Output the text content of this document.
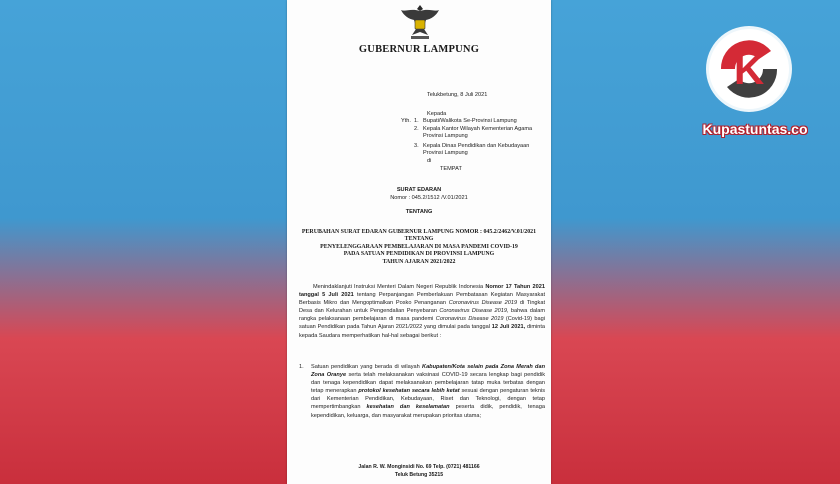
GUBERNUR LAMPUNG
Telukbetung, 8 Juli 2021
Kepada
Yth. 1. Bupati/Walikota Se-Provinsi Lampung
2. Kepala Kantor Wilayah Kementerian Agama Provinsi Lampung
3. Kepala Dinas Pendidikan dan Kebudayaan Provinsi Lampung
di
TEMPAT
SURAT EDARAN
Nomor : 045.2/1512 /V.01/2021
TENTANG
PERUBAHAN SURAT EDARAN GUBERNUR LAMPUNG NOMOR : 045.2/2462/V.01/2021
TENTANG
PENYELENGGARAAN PEMBELAJARAN DI MASA PANDEMI COVID-19
PADA SATUAN PENDIDIKAN DI PROVINSI LAMPUNG
TAHUN AJARAN 2021/2022
Menindaklanjuti Instruksi Menteri Dalam Negeri Republik Indonesia Nomor 17 Tahun 2021 tanggal 5 Juli 2021 tentang Perpanjangan Pemberlakuan Pembatasan Kegiatan Masyarakat Berbasis Mikro dan Mengoptimalkan Posko Penanganan Coronavirus Disease 2019 di Tingkat Desa dan Kelurahan untuk Pengendalian Penyebaran Coronavirus Disease 2019, bahwa dalam rangka pelaksanaan pembelajaran di masa pandemi Coronavirus Disease 2019 (Covid-19) bagi satuan Pendidikan pada Tahun Ajaran 2021/2022 yang dimulai pada tanggal 12 Juli 2021, diminta kepada Saudara memperhatikan hal-hal sebagai berikut :
1. Satuan pendidikan yang berada di wilayah Kabupaten/Kota selain pada Zona Merah dan Zona Oranye serta telah melaksanakan vaksinasi COVID-19 secara lengkap bagi pendidik dan tenaga kependidikan dapat melaksanakan pembelajaran tatap muka terbatas dengan tetap menerapkan protokol kesehatan secara lebih ketat sesuai dengan pengaturan teknis dari Kementerian Pendidikan, Kebudayaan, Riset dan Teknologi, dengan tetap mempertimbangkan kesehatan dan keselamatan peserta didik, pendidik, tenaga kependidikan, keluarga, dan masyarakat merupakan prioritas utama;
Jalan R. W. Monginsidi No. 69 Telp. (0721) 481166
Teluk Betung 35215
K
Kupastuntas.co
